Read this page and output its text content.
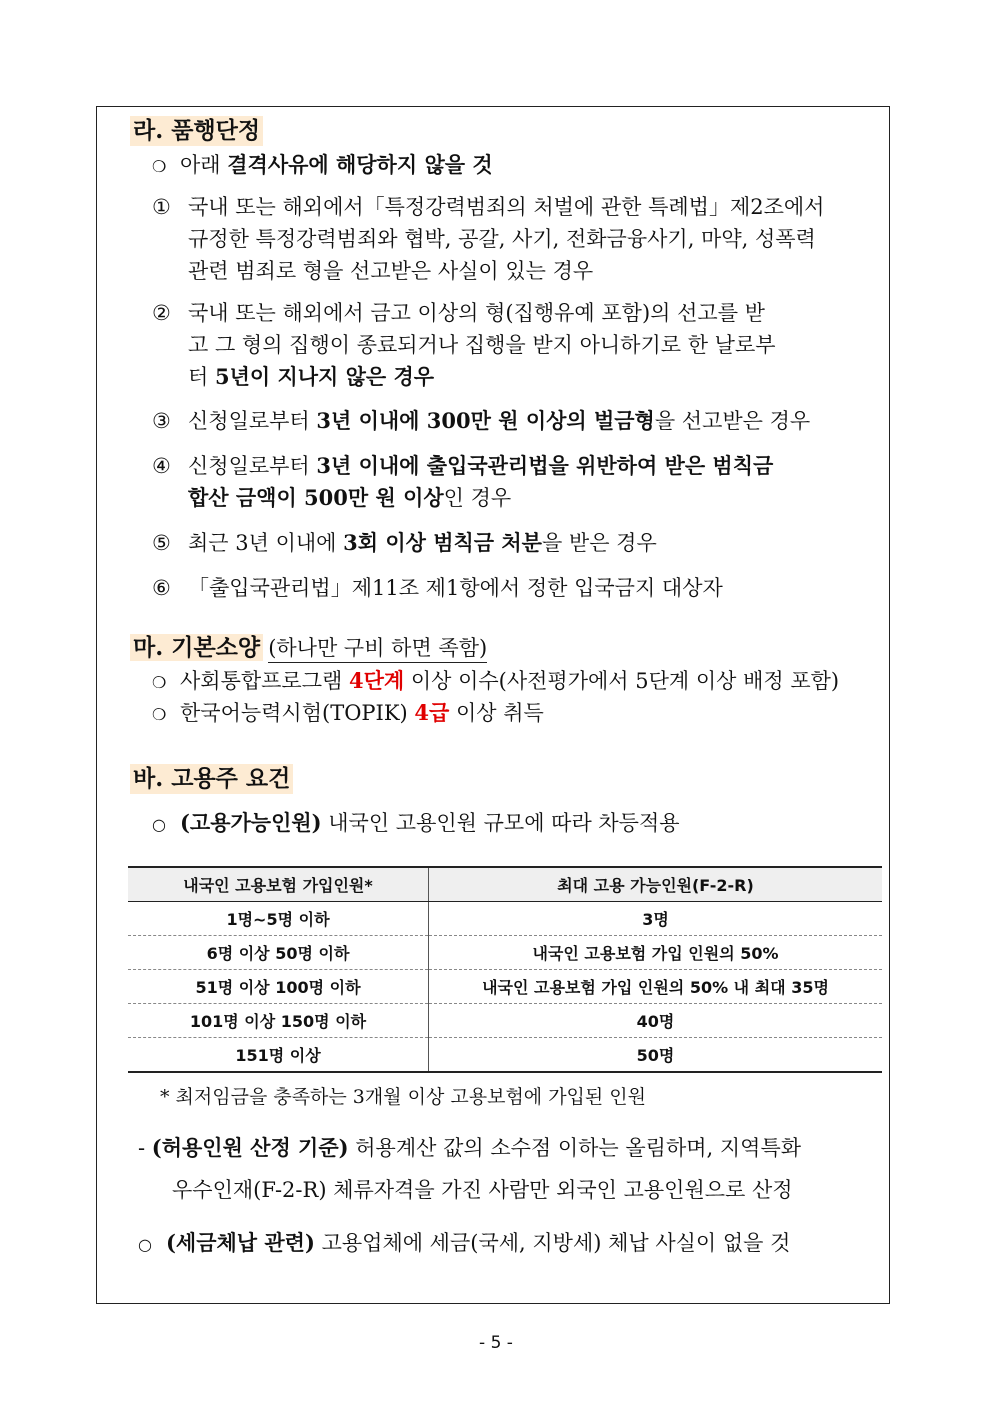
라. 품행단정
❍ 아래 결격사유에 해당하지 않을 것
① 국내 또는 해외에서「특정강력범죄의 처벌에 관한 특례법」제2조에서
규정한 특정강력범죄와 협박, 공갈, 사기, 전화금융사기, 마약, 성폭력
관련 범죄로 형을 선고받은 사실이 있는 경우
② 국내 또는 해외에서 금고 이상의 형(집행유예 포함)의 선고를 받
고 그 형의 집행이 종료되거나 집행을 받지 아니하기로 한 날로부
터 5년이 지나지 않은 경우
③ 신청일로부터 3년 이내에 300만 원 이상의 벌금형을 선고받은 경우
④ 신청일로부터 3년 이내에 출입국관리법을 위반하여 받은 범칙금
합산 금액이 500만 원 이상인 경우
⑤ 최근 3년 이내에 3회 이상 범칙금 처분을 받은 경우
⑥ 「출입국관리법」제11조 제1항에서 정한 입국금지 대상자
마. 기본소양 (하나만 구비 하면 족함)
❍ 사회통합프로그램 4단계 이상 이수(사전평가에서 5단계 이상 배정 포함)
❍ 한국어능력시험(TOPIK) 4급 이상 취득
바. 고용주 요건
○ (고용가능인원) 내국인 고용인원 규모에 따라 차등적용
내국인 고용보험 가입인원*	최대 고용 가능인원(F-2-R)
1명~5명 이하	3명
6명 이상 50명 이하	내국인 고용보험 가입 인원의 50%
51명 이상 100명 이하	내국인 고용보험 가입 인원의 50% 내 최대 35명
101명 이상 150명 이하	40명
151명 이상	50명
* 최저임금을 충족하는 3개월 이상 고용보험에 가입된 인원
- (허용인원 산정 기준) 허용계산 값의 소수점 이하는 올림하며, 지역특화
우수인재(F-2-R) 체류자격을 가진 사람만 외국인 고용인원으로 산정
○ (세금체납 관련) 고용업체에 세금(국세, 지방세) 체납 사실이 없을 것
- 5 -
